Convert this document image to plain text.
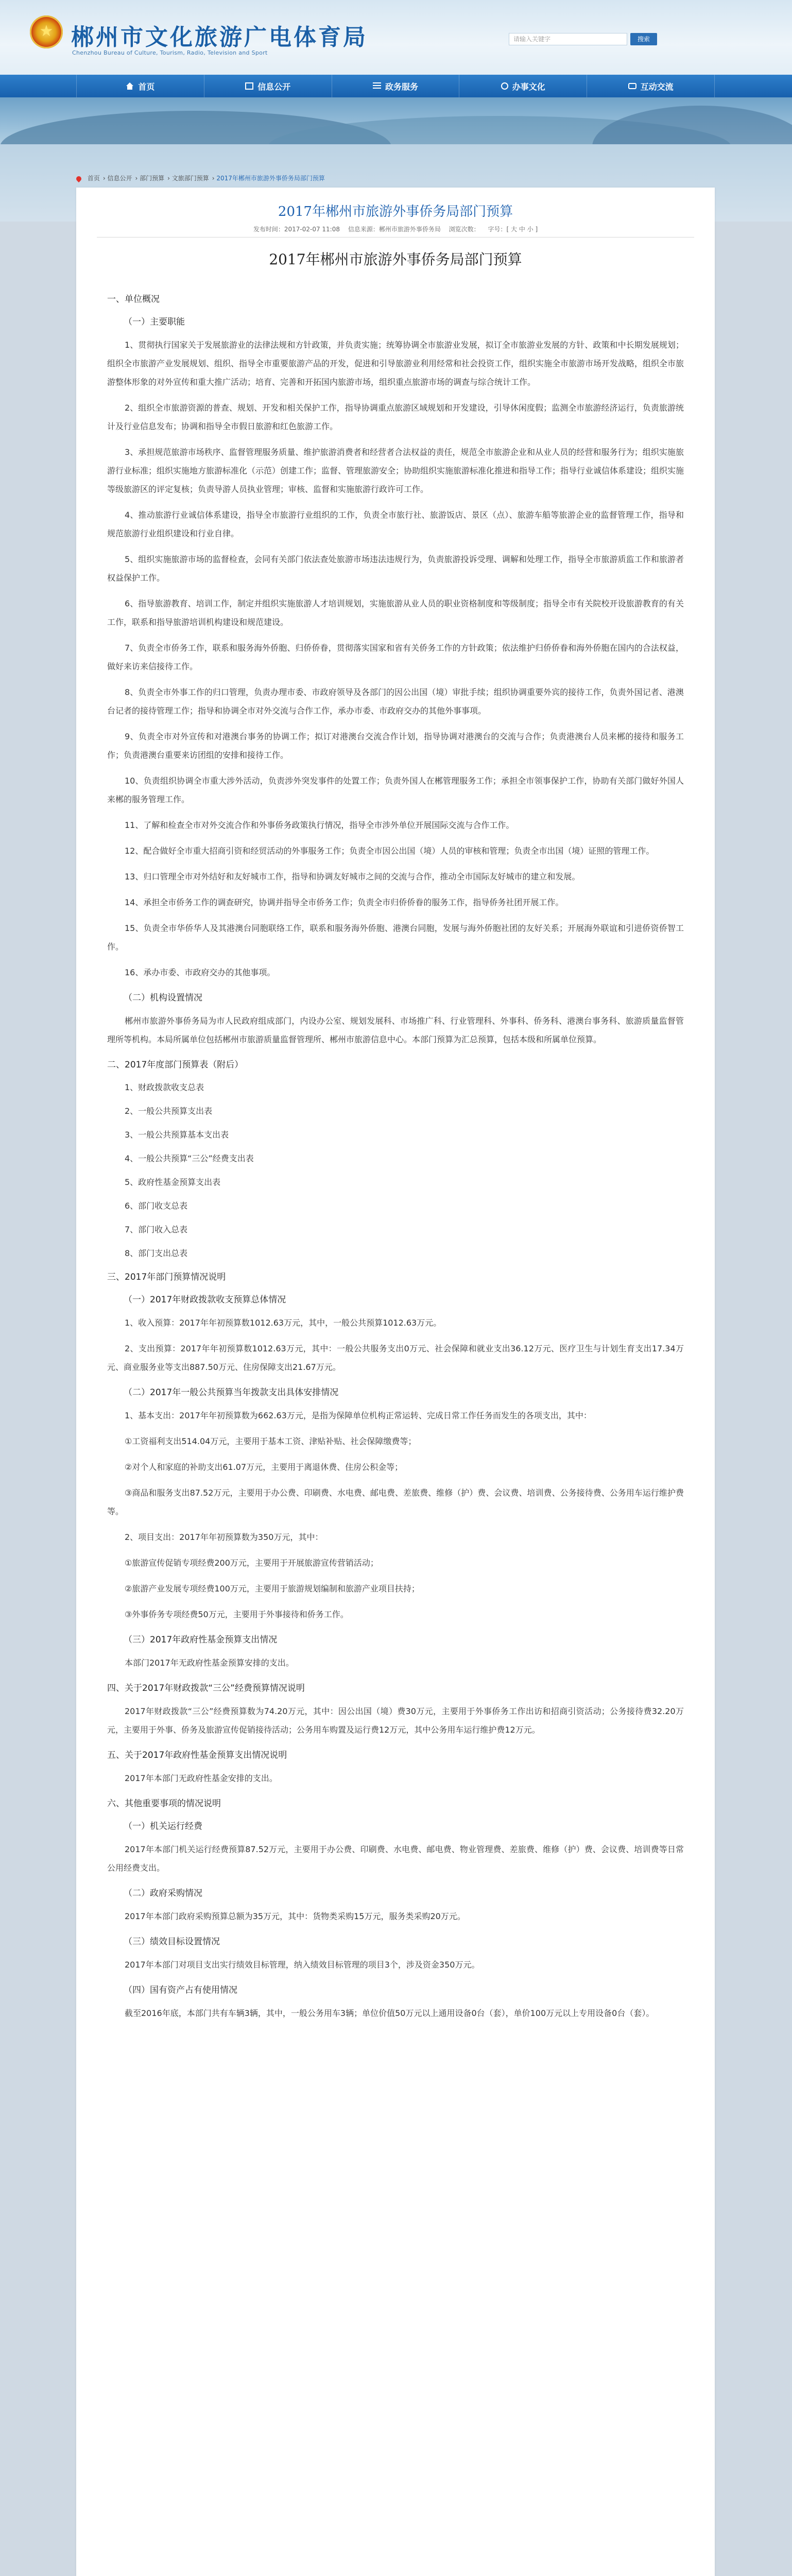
★
郴州市文化旅游广电体育局
Chenzhou Bureau of Culture, Tourism, Radio, Television and Sport
请输入关键字	搜索
首页	信息公开	政务服务	办事文化	互动交流
首页 › 信息公开 › 部门预算 › 文旅部门预算 › 2017年郴州市旅游外事侨务局部门预算
2017年郴州市旅游外事侨务局部门预算
发布时间：2017-02-07 11:08 信息来源：郴州市旅游外事侨务局 浏览次数： 字号：[ 大 中 小 ]
2017年郴州市旅游外事侨务局部门预算

一、单位概况

（一）主要职能

1、贯彻执行国家关于发展旅游业的法律法规和方针政策，并负责实施；统筹协调全市旅游业发展，拟订全市旅游业发展的方针、政策和中长期发展规划；组织全市旅游产业发展规划、组织、指导全市重要旅游产品的开发，促进和引导旅游业利用经常和社会投资工作，组织实施全市旅游市场开发战略，组织全市旅游整体形象的对外宣传和重大推广活动；培育、完善和开拓国内旅游市场，组织重点旅游市场的调查与综合统计工作。

2、组织全市旅游资源的普查、规划、开发和相关保护工作，指导协调重点旅游区域规划和开发建设，引导休闲度假；监测全市旅游经济运行，负责旅游统计及行业信息发布；协调和指导全市假日旅游和红色旅游工作。

3、承担规范旅游市场秩序、监督管理服务质量、维护旅游消费者和经营者合法权益的责任，规范全市旅游企业和从业人员的经营和服务行为；组织实施旅游行业标准；组织实施地方旅游标准化（示范）创建工作；监督、管理旅游安全；协助组织实施旅游标准化推进和指导工作；指导行业诚信体系建设；组织实施等级旅游区的评定复核；负责导游人员执业管理；审核、监督和实施旅游行政许可工作。

4、推动旅游行业诚信体系建设，指导全市旅游行业组织的工作，负责全市旅行社、旅游饭店、景区（点）、旅游车船等旅游企业的监督管理工作，指导和规范旅游行业组织建设和行业自律。

5、组织实施旅游市场的监督检查，会同有关部门依法查处旅游市场违法违规行为，负责旅游投诉受理、调解和处理工作，指导全市旅游质监工作和旅游者权益保护工作。

6、指导旅游教育、培训工作，制定并组织实施旅游人才培训规划，实施旅游从业人员的职业资格制度和等级制度；指导全市有关院校开设旅游教育的有关工作，联系和指导旅游培训机构建设和规范建设。

7、负责全市侨务工作，联系和服务海外侨胞、归侨侨眷，贯彻落实国家和省有关侨务工作的方针政策；依法维护归侨侨眷和海外侨胞在国内的合法权益，做好来访来信接待工作。

8、负责全市外事工作的归口管理，负责办理市委、市政府领导及各部门的因公出国（境）审批手续；组织协调重要外宾的接待工作，负责外国记者、港澳台记者的接待管理工作；指导和协调全市对外交流与合作工作，承办市委、市政府交办的其他外事事项。

9、负责全市对外宣传和对港澳台事务的协调工作；拟订对港澳台交流合作计划，指导协调对港澳台的交流与合作；负责港澳台人员来郴的接待和服务工作；负责港澳台重要来访团组的安排和接待工作。

10、负责组织协调全市重大涉外活动，负责涉外突发事件的处置工作；负责外国人在郴管理服务工作；承担全市领事保护工作，协助有关部门做好外国人来郴的服务管理工作。

11、了解和检查全市对外交流合作和外事侨务政策执行情况，指导全市涉外单位开展国际交流与合作工作。

12、配合做好全市重大招商引资和经贸活动的外事服务工作；负责全市因公出国（境）人员的审核和管理；负责全市出国（境）证照的管理工作。

13、归口管理全市对外结好和友好城市工作，指导和协调友好城市之间的交流与合作，推动全市国际友好城市的建立和发展。

14、承担全市侨务工作的调查研究，协调并指导全市侨务工作；负责全市归侨侨眷的服务工作，指导侨务社团开展工作。

15、负责全市华侨华人及其港澳台同胞联络工作，联系和服务海外侨胞、港澳台同胞，发展与海外侨胞社团的友好关系；开展海外联谊和引进侨资侨智工作。

16、承办市委、市政府交办的其他事项。

（二）机构设置情况

郴州市旅游外事侨务局为市人民政府组成部门，内设办公室、规划发展科、市场推广科、行业管理科、外事科、侨务科、港澳台事务科、旅游质量监督管理所等机构。本局所属单位包括郴州市旅游质量监督管理所、郴州市旅游信息中心。本部门预算为汇总预算，包括本级和所属单位预算。

二、2017年度部门预算表（附后）

1、财政拨款收支总表

2、一般公共预算支出表

3、一般公共预算基本支出表

4、一般公共预算“三公”经费支出表

5、政府性基金预算支出表

6、部门收支总表

7、部门收入总表

8、部门支出总表

三、2017年部门预算情况说明

（一）2017年财政拨款收支预算总体情况

1、收入预算：2017年年初预算数1012.63万元，其中，一般公共预算1012.63万元。

2、支出预算：2017年年初预算数1012.63万元，其中：一般公共服务支出0万元、社会保障和就业支出36.12万元、医疗卫生与计划生育支出17.34万元、商业服务业等支出887.50万元、住房保障支出21.67万元。

（二）2017年一般公共预算当年拨款支出具体安排情况

1、基本支出：2017年年初预算数为662.63万元，是指为保障单位机构正常运转、完成日常工作任务而发生的各项支出，其中：

①工资福利支出514.04万元，主要用于基本工资、津贴补贴、社会保障缴费等；

②对个人和家庭的补助支出61.07万元，主要用于离退休费、住房公积金等；

③商品和服务支出87.52万元，主要用于办公费、印刷费、水电费、邮电费、差旅费、维修（护）费、会议费、培训费、公务接待费、公务用车运行维护费等。

2、项目支出：2017年年初预算数为350万元，其中：

①旅游宣传促销专项经费200万元，主要用于开展旅游宣传营销活动；

②旅游产业发展专项经费100万元，主要用于旅游规划编制和旅游产业项目扶持；

③外事侨务专项经费50万元，主要用于外事接待和侨务工作。

（三）2017年政府性基金预算支出情况

本部门2017年无政府性基金预算安排的支出。

四、关于2017年财政拨款“三公”经费预算情况说明

2017年财政拨款“三公”经费预算数为74.20万元，其中：因公出国（境）费30万元，主要用于外事侨务工作出访和招商引资活动；公务接待费32.20万元，主要用于外事、侨务及旅游宣传促销接待活动；公务用车购置及运行费12万元，其中公务用车运行维护费12万元。

五、关于2017年政府性基金预算支出情况说明

2017年本部门无政府性基金安排的支出。

六、其他重要事项的情况说明

（一）机关运行经费

2017年本部门机关运行经费预算87.52万元，主要用于办公费、印刷费、水电费、邮电费、物业管理费、差旅费、维修（护）费、会议费、培训费等日常公用经费支出。

（二）政府采购情况

2017年本部门政府采购预算总额为35万元，其中：货物类采购15万元，服务类采购20万元。

（三）绩效目标设置情况

2017年本部门对项目支出实行绩效目标管理，纳入绩效目标管理的项目3个，涉及资金350万元。

（四）国有资产占有使用情况

截至2016年底，本部门共有车辆3辆，其中，一般公务用车3辆；单位价值50万元以上通用设备0台（套），单价100万元以上专用设备0台（套）。
